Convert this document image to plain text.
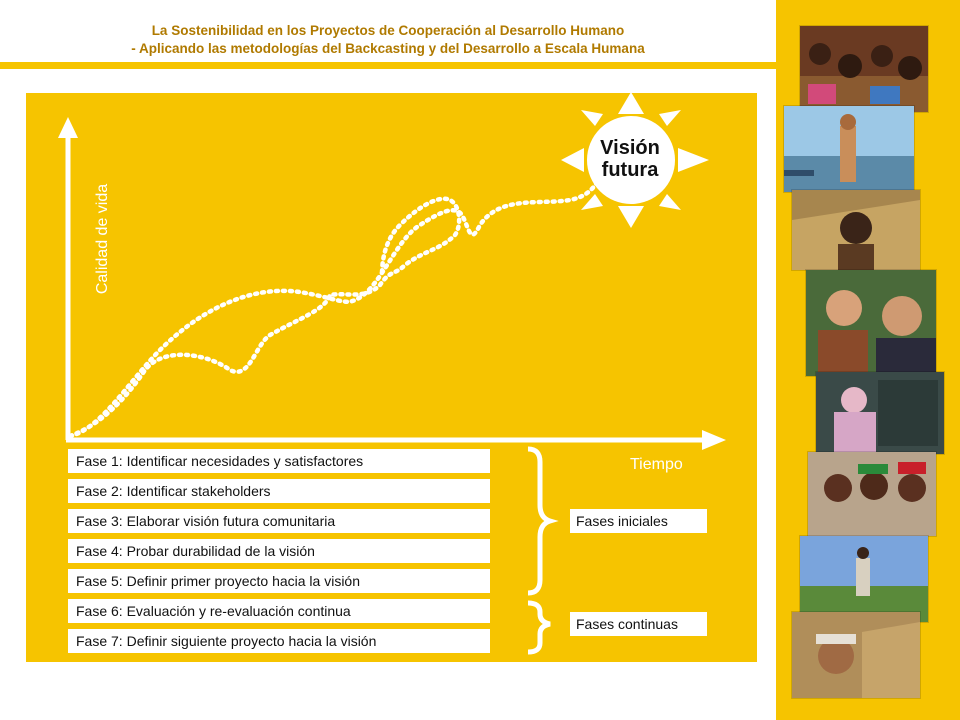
La Sostenibilidad en los Proyectos de Cooperación al Desarrollo Humano
- Aplicando las metodologías del Backcasting y del Desarrollo a Escala Humana
Visión
futura
Calidad de vida
Tiempo
Fase 1: Identificar necesidades y satisfactores
Fase 2: Identificar stakeholders
Fase 3: Elaborar visión futura comunitaria
Fase 4: Probar durabilidad de la visión
Fase 5: Definir primer proyecto hacia la visión
Fase 6: Evaluación y re-evaluación continua
Fase 7: Definir siguiente proyecto hacia la visión
Fases iniciales
Fases continuas
